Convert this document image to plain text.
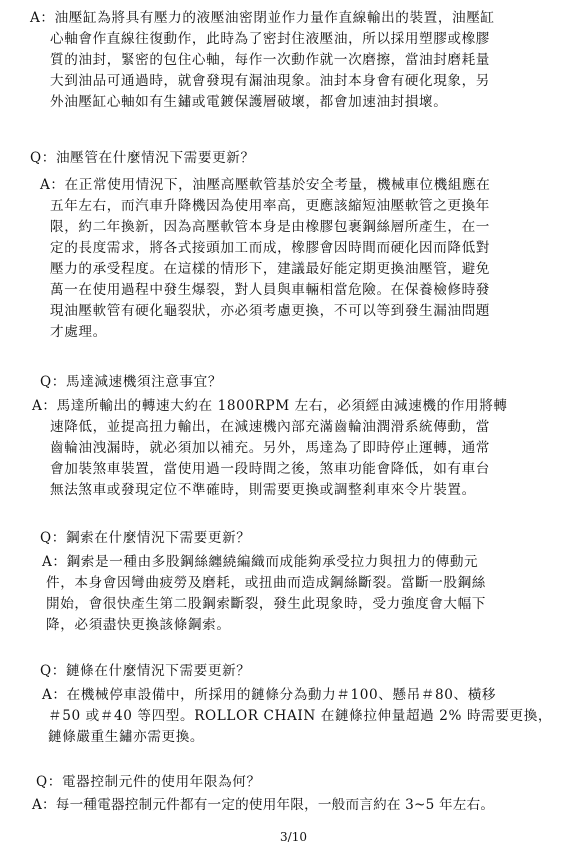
A：油壓缸為將具有壓力的液壓油密閉並作力量作直線輸出的裝置，油壓缸
心軸會作直線往復動作，此時為了密封住液壓油，所以採用塑膠或橡膠
質的油封，緊密的包住心軸，每作一次動作就一次磨擦，當油封磨耗量
大到油品可通過時，就會發現有漏油現象。油封本身會有硬化現象，另
外油壓缸心軸如有生鏽或電鍍保護層破壞，都會加速油封損壞。
Q：油壓管在什麼情況下需要更新？
A：在正常使用情況下，油壓高壓軟管基於安全考量，機械車位機組應在
五年左右，而汽車升降機因為使用率高，更應該縮短油壓軟管之更換年
限，約二年換新，因為高壓軟管本身是由橡膠包裹鋼絲層所產生，在一
定的長度需求，將各式接頭加工而成，橡膠會因時間而硬化因而降低對
壓力的承受程度。在這樣的情形下，建議最好能定期更換油壓管，避免
萬一在使用過程中發生爆裂，對人員與車輛相當危險。在保養檢修時發
現油壓軟管有硬化龜裂狀，亦必須考慮更換，不可以等到發生漏油問題
才處理。
Q：馬達減速機須注意事宜？
A：馬達所輸出的轉速大約在 1800RPM 左右，必須經由減速機的作用將轉
速降低，並提高扭力輸出，在減速機內部充滿齒輪油潤滑系統傳動，當
齒輪油洩漏時，就必須加以補充。另外，馬達為了即時停止運轉，通常
會加裝煞車裝置，當使用過一段時間之後，煞車功能會降低，如有車台
無法煞車或發現定位不準確時，則需要更換或調整剎車來令片裝置。
Q：鋼索在什麼情況下需要更新？
A：鋼索是一種由多股鋼絲纏繞編織而成能夠承受拉力與扭力的傳動元
件，本身會因彎曲疲勞及磨耗，或扭曲而造成鋼絲斷裂。當斷一股鋼絲
開始，會很快產生第二股鋼索斷裂，發生此現象時，受力強度會大幅下
降，必須盡快更換該條鋼索。
Q：鏈條在什麼情況下需要更新？
A：在機械停車設備中，所採用的鏈條分為動力＃100、懸吊＃80、橫移
＃50 或＃40 等四型。ROLLOR CHAIN 在鏈條拉伸量超過 2% 時需要更換，
鏈條嚴重生鏽亦需更換。
Q：電器控制元件的使用年限為何？
A：每一種電器控制元件都有一定的使用年限，一般而言約在 3~5 年左右。
3/10
